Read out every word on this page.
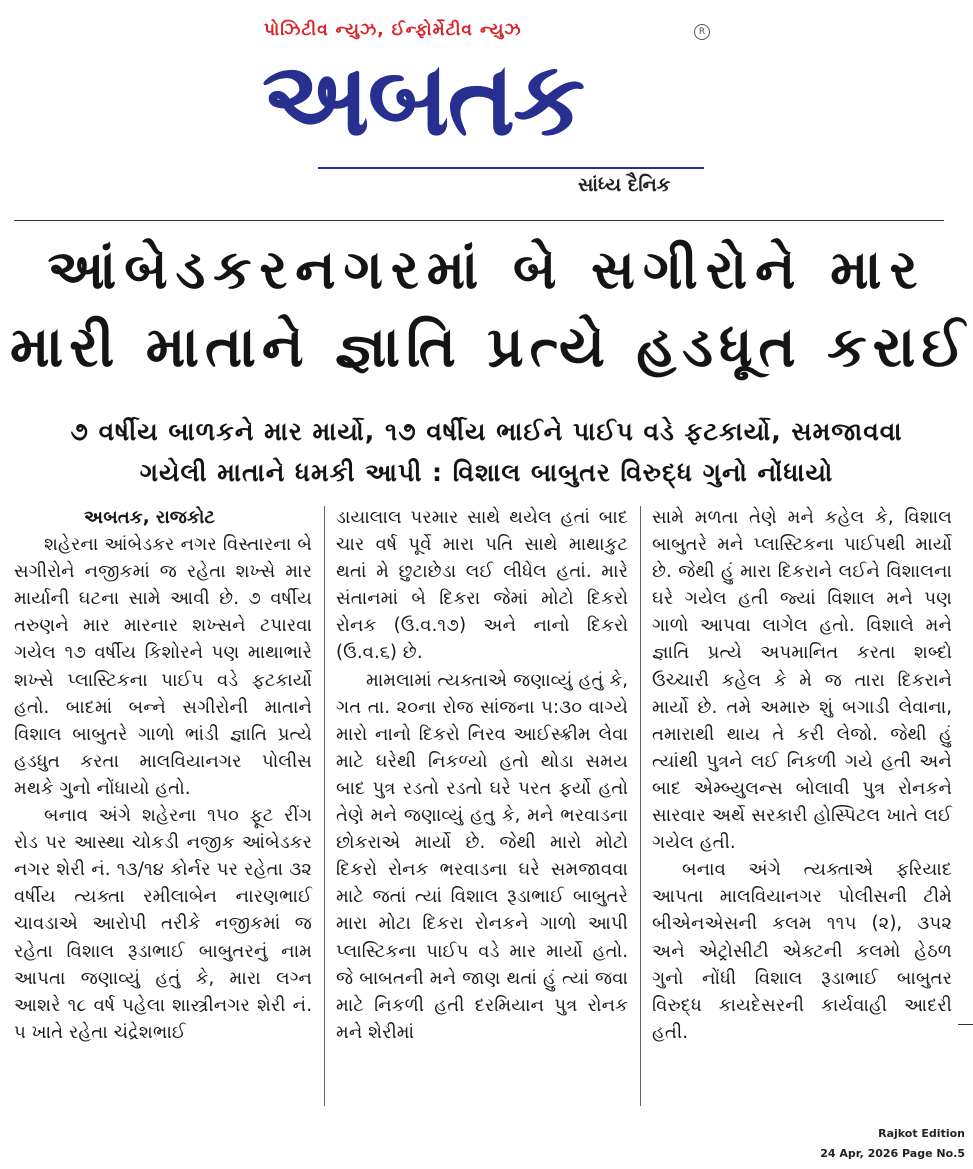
પોઝિટીવ ન્યુઝ, ઈન્ફોર્મેટીવ ન્યુઝ	R
અબતક
સાંધ્ય દૈનિક
આંબેડકરનગરમાં બે સગીરોને માર
મારી માતાને જ્ઞાતિ પ્રત્યે હડધૂત કરાઈ
૭ વર્ષીય બાળકને માર માર્યો, ૧૭ વર્ષીય ભાઈને પાઈપ વડે ફટકાર્યો, સમજાવવા
ગયેલી માતાને ધમકી આપી : વિશાલ બાબુતર વિરુદ્ધ ગુનો નોંધાયો

અબતક, રાજકોટ

શહેરના આંબેડકર નગર વિસ્તારના બે સગીરોને નજીકમાં જ રહેતા શખ્સે માર માર્યાની ઘટના સામે આવી છે. ૭ વર્ષીય તરુણને માર મારનાર શખ્સને ટપારવા ગયેલ ૧૭ વર્ષીય કિશોરને પણ માથાભારે શખ્સે પ્લાસ્ટિકના પાઈપ વડે ફટકાર્યો હતો. બાદમાં બન્ને સગીરોની માતાને વિશાલ બાબુતરે ગાળો ભાંડી જ્ઞાતિ પ્રત્યે હડધુત કરતા માલવિયાનગર પોલીસ મથકે ગુનો નોંધાયો હતો.

બનાવ અંગે શહેરના ૧૫૦ ફૂટ રીંગ રોડ પર આસ્થા ચોકડી નજીક આંબેડકર નગર શેરી નં. ૧૩/૧૪ કોર્નર પર રહેતા ૩૨ વર્ષીય ત્યક્તા રમીલાબેન નારણભાઈ ચાવડાએ આરોપી તરીકે નજીકમાં જ રહેતા વિશાલ રૂડાભાઈ બાબુતરનું નામ આપતા જણાવ્યું હતું કે, મારા લગ્ન આશરે ૧૮ વર્ષ પહેલા શાસ્ત્રીનગર શેરી નં. ૫ ખાતે રહેતા ચંદ્રેશભાઈ

ડાયાલાલ પરમાર સાથે થયેલ હતાં બાદ ચાર વર્ષ પૂર્વે મારા પતિ સાથે માથાકુટ થતાં મે છુટાછેડા લઈ લીધેલ હતાં. મારે સંતાનમાં બે દિકરા જેમાં મોટો દિકરો રોનક (ઉ.વ.૧૭) અને નાનો દિકરો (ઉ.વ.૬) છે.

મામલામાં ત્યક્તાએ જણાવ્યું હતું કે, ગત તા. ૨૦ના રોજ સાંજના ૫:૩૦ વાગ્યે મારો નાનો દિકરો નિરવ આઈસ્ક્રીમ લેવા માટે ઘરેથી નિકળ્યો હતો થોડા સમય બાદ પુત્ર રડતો રડતો ઘરે પરત ફર્યો હતો તેણે મને જણાવ્યું હતુ કે, મને ભરવાડના છોકરાએ માર્યો છે. જેથી મારો મોટો દિકરો રોનક ભરવાડના ઘરે સમજાવવા માટે જતાં ત્યાં વિશાલ રૂડાભાઈ બાબુતરે મારા મોટા દિકરા રોનકને ગાળો આપી પ્લાસ્ટિકના પાઈપ વડે માર માર્યો હતો. જે બાબતની મને જાણ થતાં હું ત્યાં જવા માટે નિકળી હતી દરમિયાન પુત્ર રોનક મને શેરીમાં

સામે મળતા તેણે મને કહેલ કે, વિશાલ બાબુતરે મને પ્લાસ્ટિકના પાઈપથી માર્યો છે. જેથી હું મારા દિકરાને લઈને વિશાલના ઘરે ગયેલ હતી જ્યાં વિશાલ મને પણ ગાળો આપવા લાગેલ હતો. વિશાલે મને જ્ઞાતિ પ્રત્યે અપમાનિત કરતા શબ્દો ઉચ્ચારી કહેલ કે મે જ તારા દિકરાને માર્યો છે. તમે અમારુ શું બગાડી લેવાના, તમારાથી થાય તે કરી લેજો. જેથી હું ત્યાંથી પુત્રને લઈ નિકળી ગયે હતી અને બાદ એમ્બ્યુલન્સ બોલાવી પુત્ર રોનકને સારવાર અર્થે સરકારી હોસ્પિટલ ખાતે લઈ ગયેલ હતી.

બનાવ અંગે ત્યક્તાએ ફરિયાદ આપતા માલવિયાનગર પોલીસની ટીમે બીએનએસની કલમ ૧૧૫ (૨), ૩૫૨ અને એટ્રોસીટી એક્ટની કલમો હેઠળ ગુનો નોંધી વિશાલ રૂડાભાઈ બાબુતર વિરુદ્ધ કાયદેસરની કાર્યવાહી આદરી હતી.

Rajkot Edition
24 Apr, 2026 Page No.5
